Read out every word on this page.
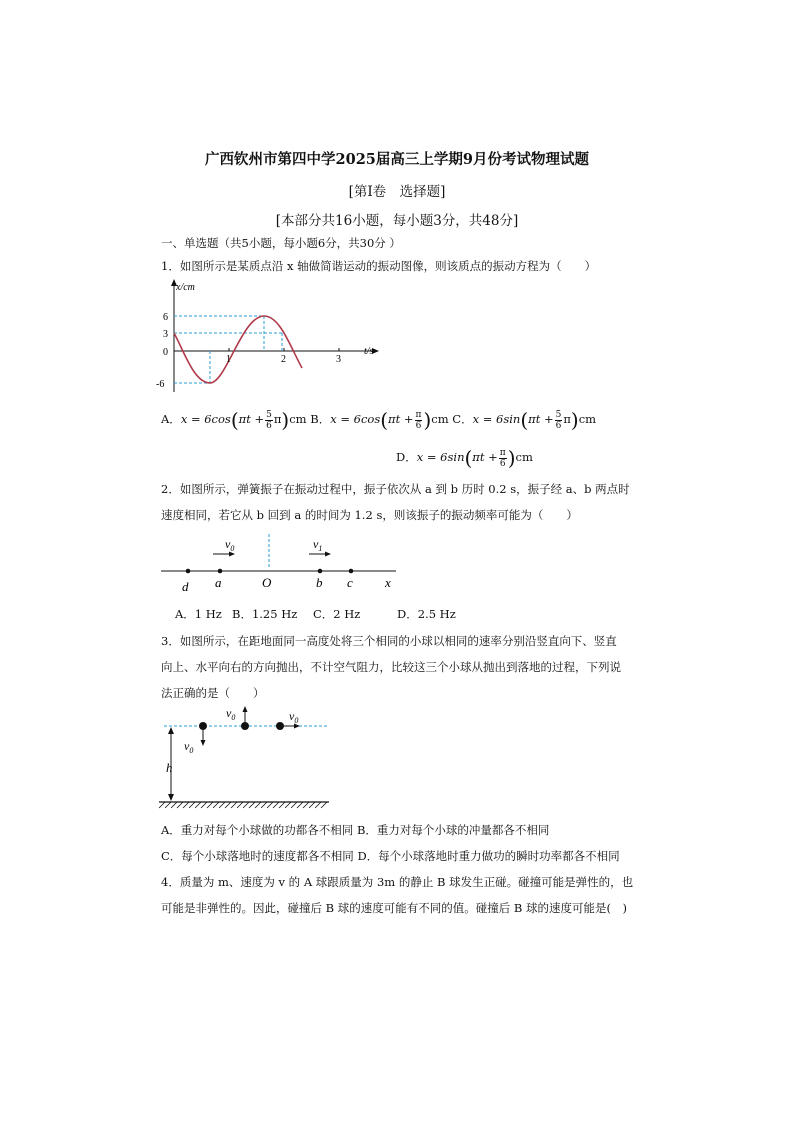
广西钦州市第四中学2025届高三上学期9月份考试物理试题
[第I卷　选择题]
[本部分共16小题，每小题3分，共48分]
一、单选题（共5小题，每小题6分，共30分 ）
1．如图所示是某质点沿 x 轴做简谐运动的振动图像，则该质点的振动方程为（　　）
x/cm
6
3
0
-6
1	2	3
t/s
A．$x = 6\cos(\pi t + \frac{5}{6} \pi)cm$ B．$x = 6\cos(\pi t + \frac{\pi}{6} )cm$ C．$x = 6\sin(\pi t + \frac{5}{6} \pi)cm$
D．$x = 6\sin(\pi t + \frac{\pi}{6} )cm$
2．如图所示，弹簧振子在振动过程中，振子依次从 a 到 b 历时 0.2 s，振子经 a、b 两点时
速度相同，若它从 b 回到 a 的时间为 1.2 s，则该振子的振动频率可能为（　　）
$v_0$	$v_1$
d a	O	b c x
A．1 Hz B．1.25 Hz C．2 Hz	D．2.5 Hz
3．如图所示，在距地面同一高度处将三个相同的小球以相同的速率分别沿竖直向下、竖直
向上、水平向右的方向抛出，不计空气阻力，比较这三个小球从抛出到落地的过程，下列说
法正确的是（　　）
h
$v_0$
$v_0$	$v_0$
A．重力对每个小球做的功都各不相同 B．重力对每个小球的冲量都各不相同
C．每个小球落地时的速度都各不相同 D．每个小球落地时重力做功的瞬时功率都各不相同
4．质量为 m、速度为 v 的 A 球跟质量为 3m 的静止 B 球发生正碰。碰撞可能是弹性的，也
可能是非弹性的。因此，碰撞后 B 球的速度可能有不同的值。碰撞后 B 球的速度可能是(　)
